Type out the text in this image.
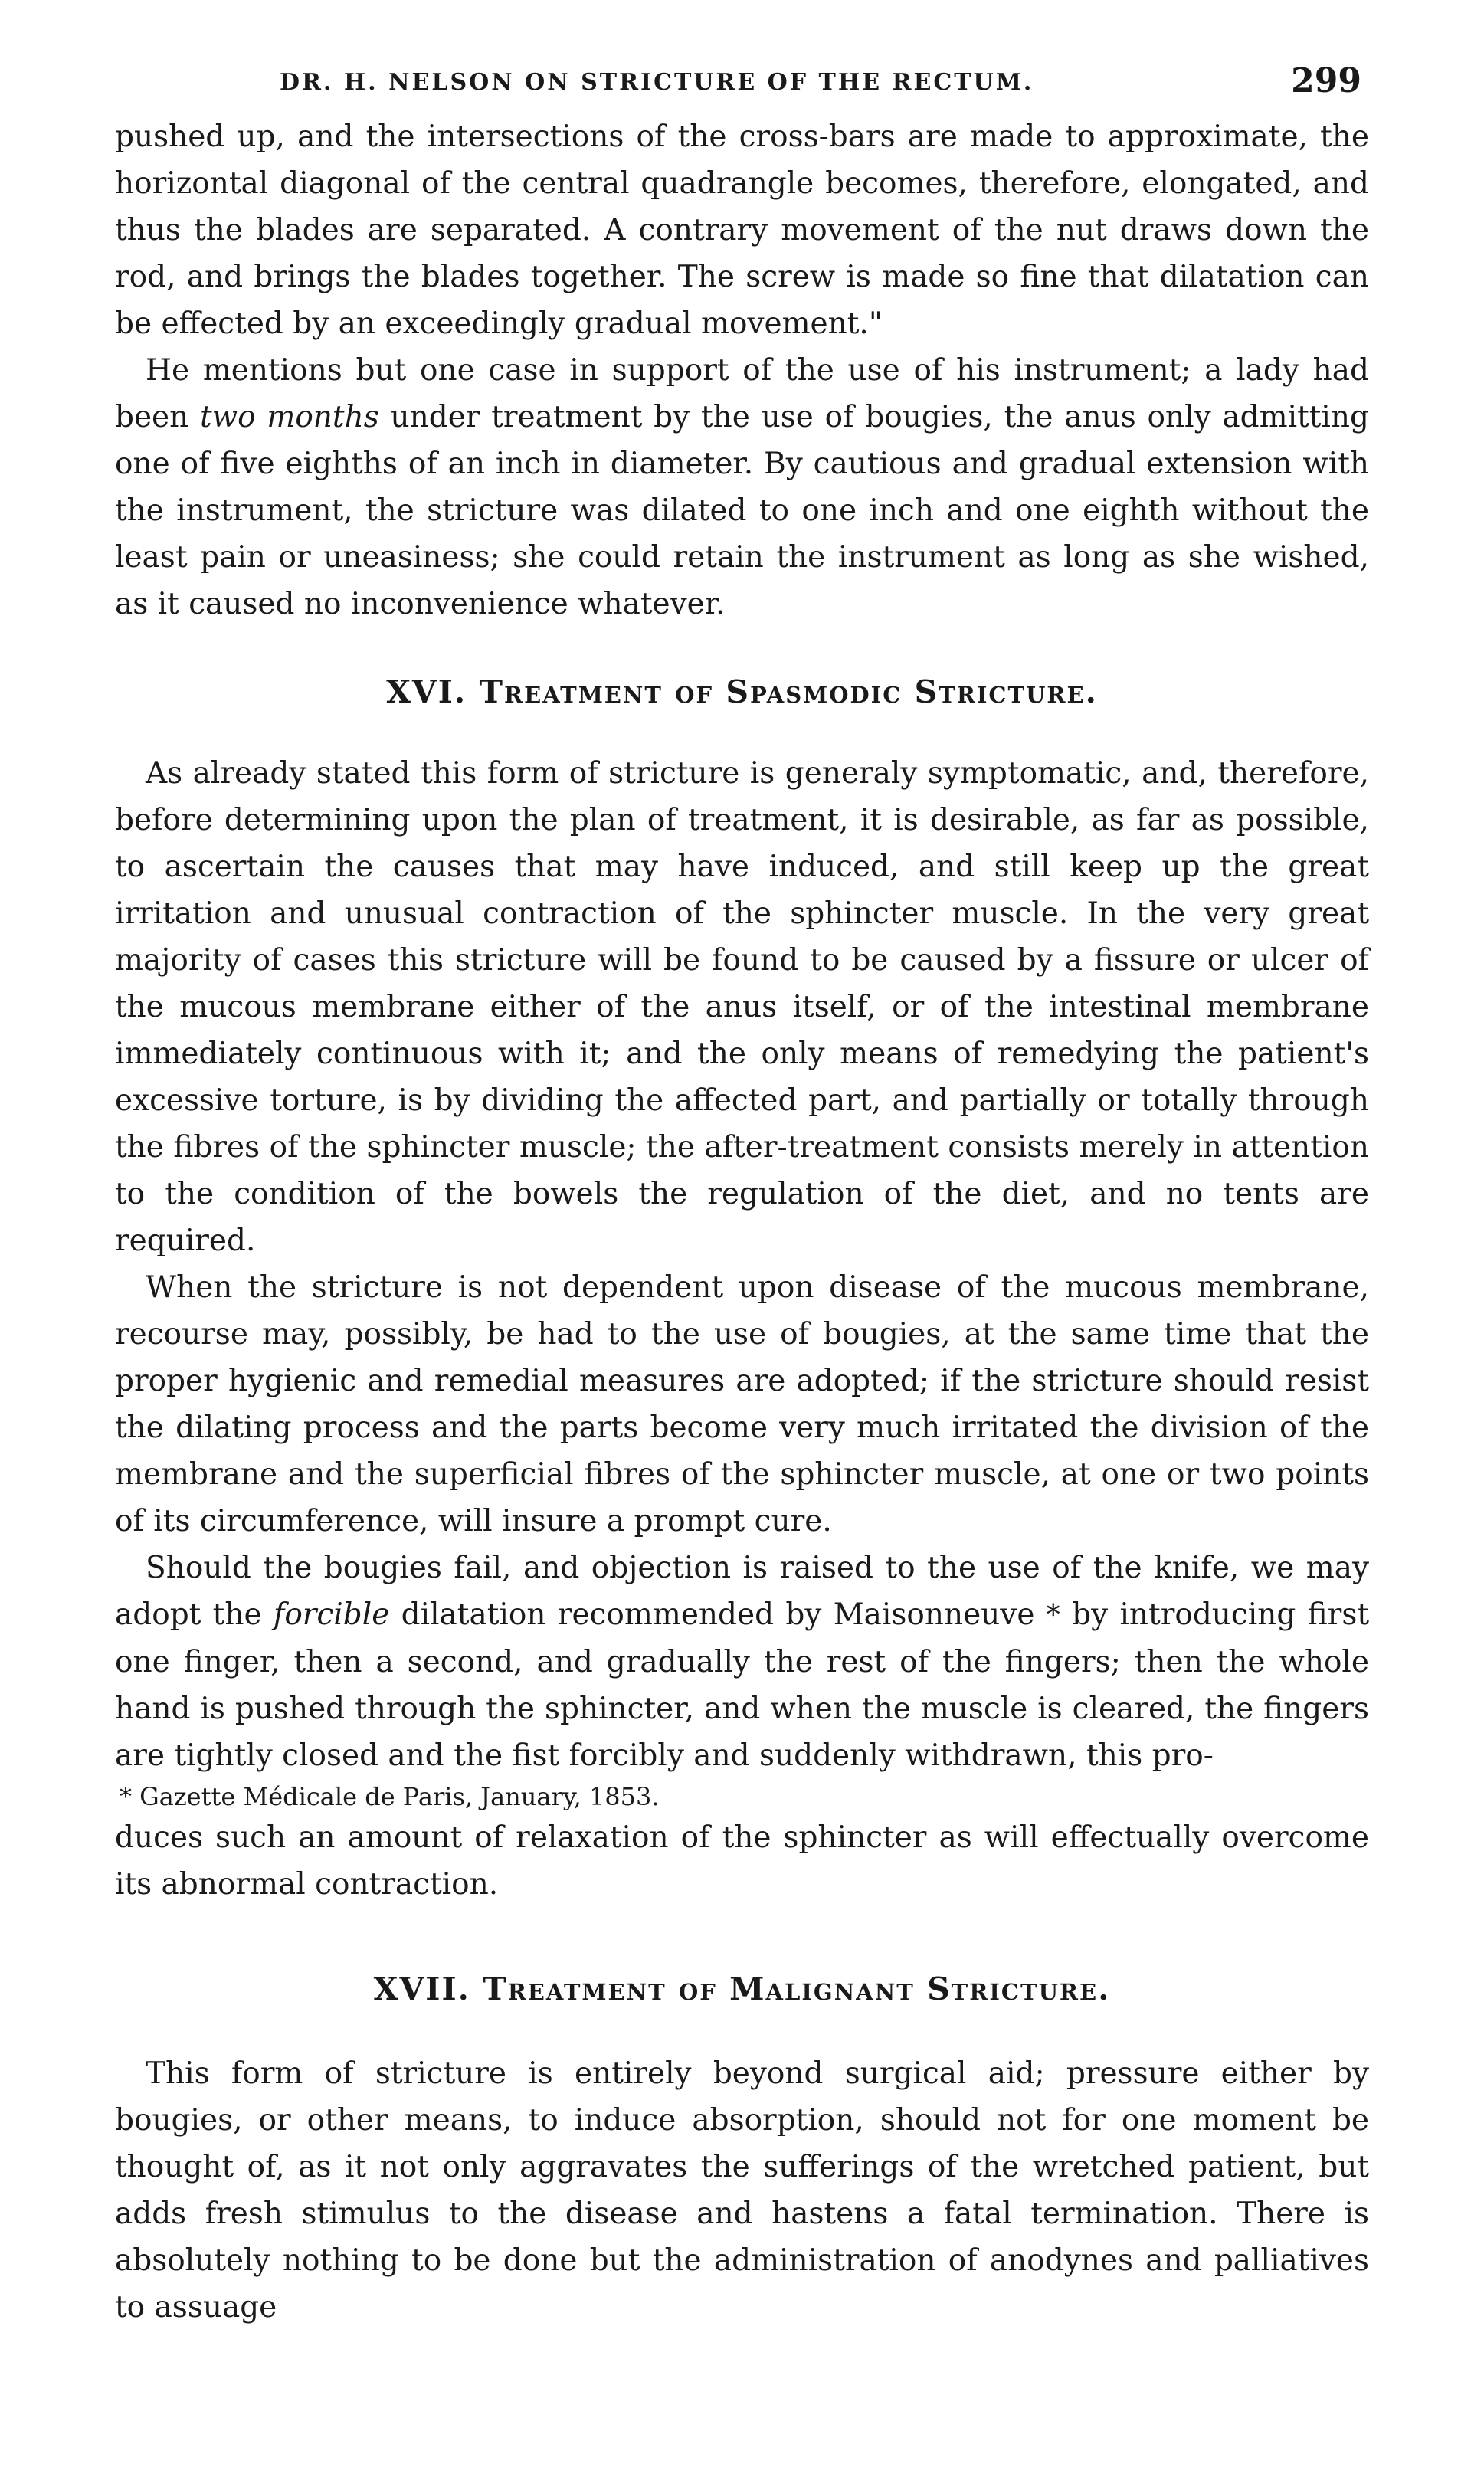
DR. H. NELSON ON STRICTURE OF THE RECTUM.	299

pushed up, and the intersections of the cross-bars are made to approximate, the horizontal diagonal of the central quadrangle becomes, therefore, elongated, and thus the blades are separated. A contrary movement of the nut draws down the rod, and brings the blades together. The screw is made so fine that dilatation can be effected by an exceedingly gradual movement."

He mentions but one case in support of the use of his instrument; a lady had been two months under treatment by the use of bougies, the anus only admitting one of five eighths of an inch in diameter. By cautious and gradual extension with the instrument, the stricture was dilated to one inch and one eighth without the least pain or uneasiness; she could retain the instrument as long as she wished, as it caused no inconvenience whatever.

XVI. Treatment of Spasmodic Stricture.

As already stated this form of stricture is generaly symptomatic, and, therefore, before determining upon the plan of treatment, it is desirable, as far as possible, to ascertain the causes that may have induced, and still keep up the great irritation and unusual contraction of the sphincter muscle. In the very great majority of cases this stricture will be found to be caused by a fissure or ulcer of the mucous membrane either of the anus itself, or of the intestinal membrane immediately continuous with it; and the only means of remedying the patient's excessive torture, is by dividing the affected part, and partially or totally through the fibres of the sphincter muscle; the after-treatment consists merely in attention to the condition of the bowels the regulation of the diet, and no tents are required.

When the stricture is not dependent upon disease of the mucous membrane, recourse may, possibly, be had to the use of bougies, at the same time that the proper hygienic and remedial measures are adopted; if the stricture should resist the dilating process and the parts become very much irritated the division of the membrane and the superficial fibres of the sphincter muscle, at one or two points of its circumference, will insure a prompt cure.

Should the bougies fail, and objection is raised to the use of the knife, we may adopt the forcible dilatation recommended by Maisonneuve * by introducing first one finger, then a second, and gradually the rest of the fingers; then the whole hand is pushed through the sphincter, and when the muscle is cleared, the fingers are tightly closed and the fist forcibly and suddenly withdrawn, this pro-

* Gazette Médicale de Paris, January, 1853.

duces such an amount of relaxation of the sphincter as will effectually overcome its abnormal contraction.

XVII. Treatment of Malignant Stricture.

This form of stricture is entirely beyond surgical aid; pressure either by bougies, or other means, to induce absorption, should not for one moment be thought of, as it not only aggravates the sufferings of the wretched patient, but adds fresh stimulus to the disease and hastens a fatal termination. There is absolutely nothing to be done but the administration of anodynes and palliatives to assuage
